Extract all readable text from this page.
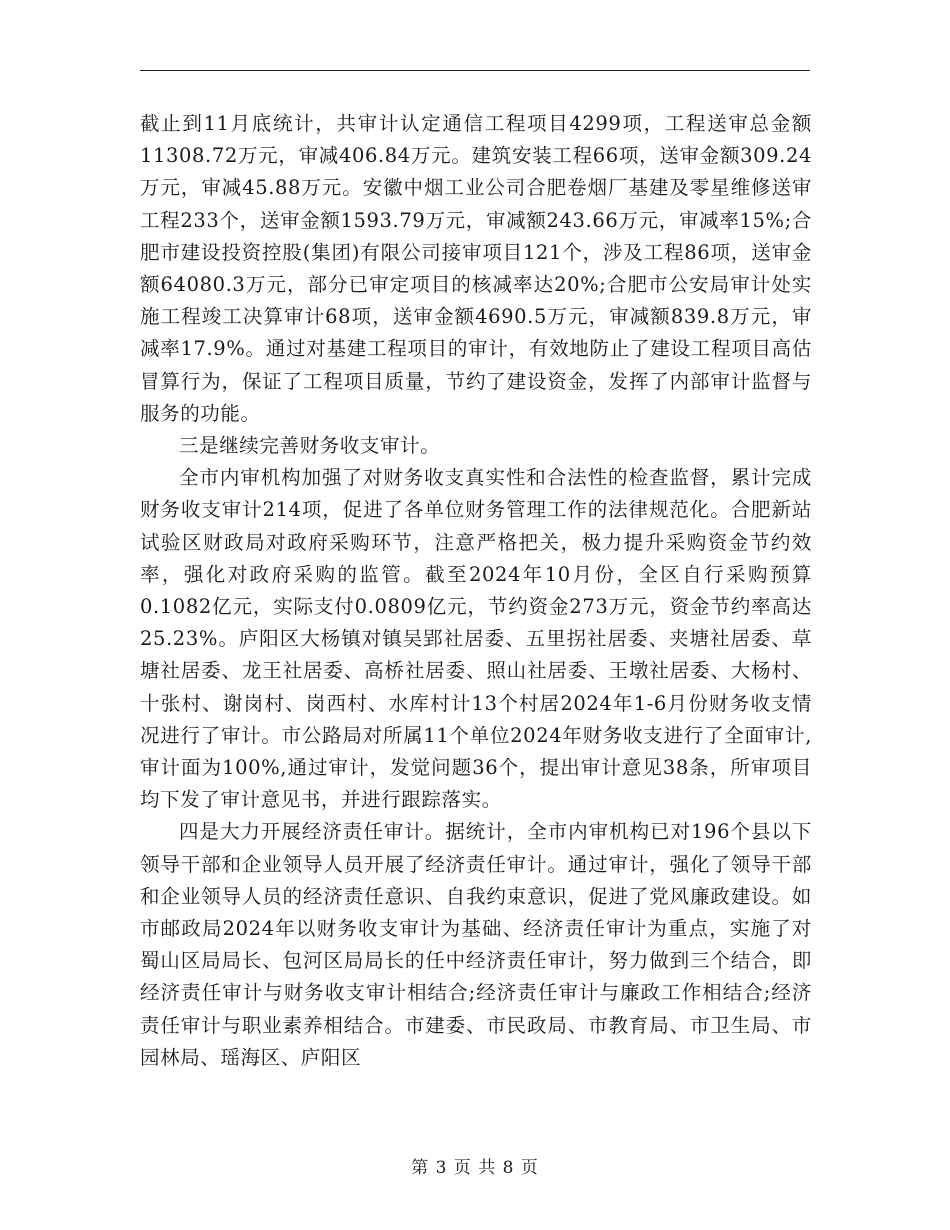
截止到11月底统计，共审计认定通信工程项目4299项，工程送审总金额11308.72万元，审减406.84万元。建筑安装工程66项，送审金额309.24万元，审减45.88万元。安徽中烟工业公司合肥卷烟厂基建及零星维修送审工程233个，送审金额1593.79万元，审减额243.66万元，审减率15%;合肥市建设投资控股(集团)有限公司接审项目121个，涉及工程86项，送审金额64080.3万元，部分已审定项目的核减率达20%;合肥市公安局审计处实施工程竣工决算审计68项，送审金额4690.5万元，审减额839.8万元，审减率17.9%。通过对基建工程项目的审计，有效地防止了建设工程项目高估冒算行为，保证了工程项目质量，节约了建设资金，发挥了内部审计监督与服务的功能。

三是继续完善财务收支审计。

全市内审机构加强了对财务收支真实性和合法性的检查监督，累计完成财务收支审计214项，促进了各单位财务管理工作的法律规范化。合肥新站试验区财政局对政府采购环节，注意严格把关，极力提升采购资金节约效率，强化对政府采购的监管。截至2024年10月份，全区自行采购预算0.1082亿元，实际支付0.0809亿元，节约资金273万元，资金节约率高达25.23%。庐阳区大杨镇对镇吴郢社居委、五里拐社居委、夹塘社居委、草塘社居委、龙王社居委、高桥社居委、照山社居委、王墩社居委、大杨村、十张村、谢岗村、岗西村、水库村计13个村居2024年1-6月份财务收支情况进行了审计。市公路局对所属11个单位2024年财务收支进行了全面审计,审计面为100%,通过审计，发觉问题36个，提出审计意见38条，所审项目均下发了审计意见书，并进行跟踪落实。

四是大力开展经济责任审计。据统计，全市内审机构已对196个县以下领导干部和企业领导人员开展了经济责任审计。通过审计，强化了领导干部和企业领导人员的经济责任意识、自我约束意识，促进了党风廉政建设。如市邮政局2024年以财务收支审计为基础、经济责任审计为重点，实施了对蜀山区局局长、包河区局局长的任中经济责任审计，努力做到三个结合，即经济责任审计与财务收支审计相结合;经济责任审计与廉政工作相结合;经济责任审计与职业素养相结合。市建委、市民政局、市教育局、市卫生局、市园林局、瑶海区、庐阳区

第 3 页 共 8 页
